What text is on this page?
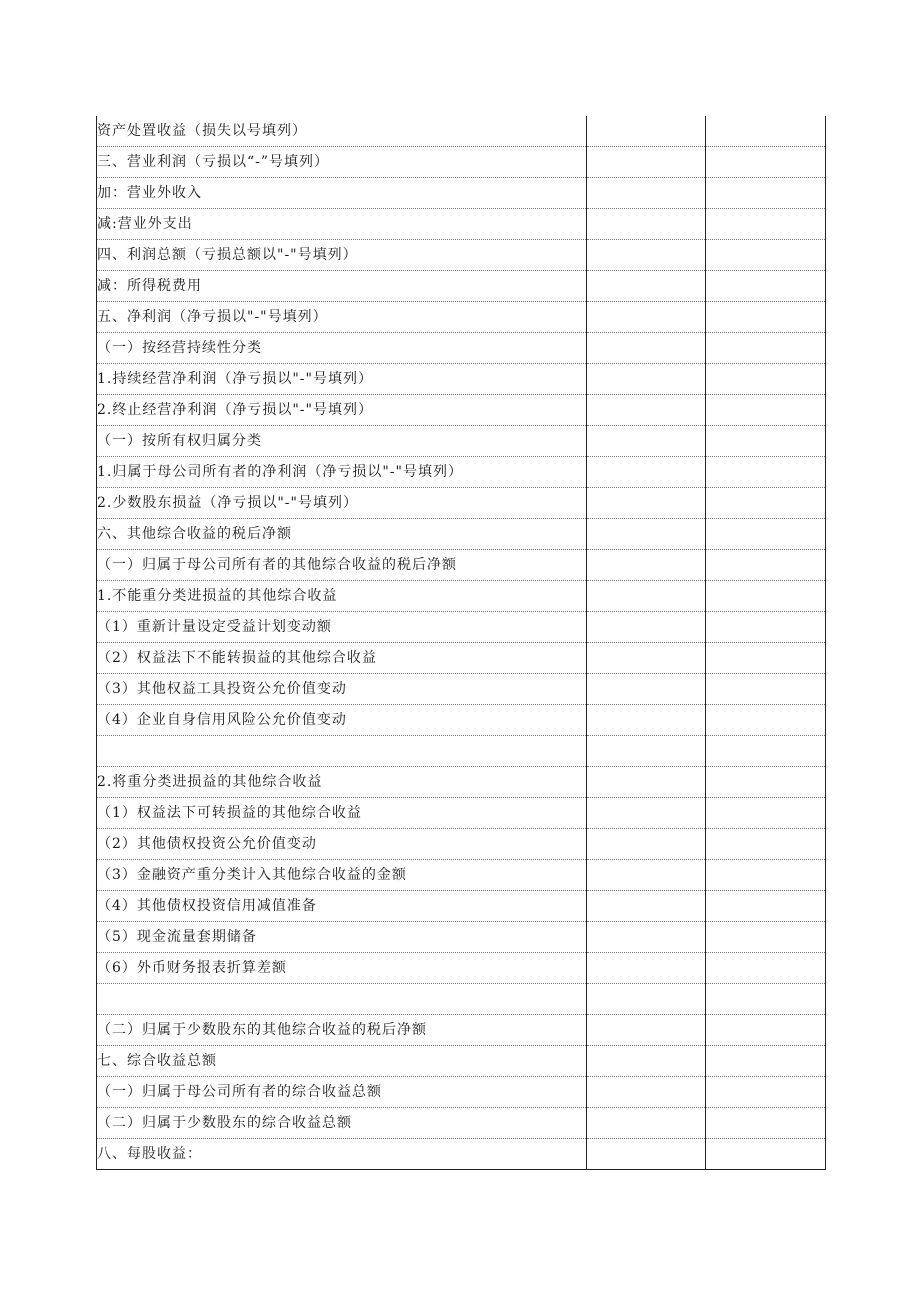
资产处置收益（损失以号填列）		
三、营业利润（亏损以“-”号填列）		
加：营业外收入		
减:营业外支出		
四、利润总额（亏损总额以"-"号填列）		
减：所得税费用		
五、净利润（净亏损以"-"号填列）		
（一）按经营持续性分类		
1.持续经营净利润（净亏损以"-"号填列）		
2.终止经营净利润（净亏损以"-"号填列）		
（一）按所有权归属分类		
1.归属于母公司所有者的净利润（净亏损以"-"号填列）		
2.少数股东损益（净亏损以"-"号填列）		
六、其他综合收益的税后净额		
（一）归属于母公司所有者的其他综合收益的税后净额		
1.不能重分类进损益的其他综合收益		
（1）重新计量设定受益计划变动额		
（2）权益法下不能转损益的其他综合收益		
（3）其他权益工具投资公允价值变动		
（4）企业自身信用风险公允价值变动		

2.将重分类进损益的其他综合收益		
（1）权益法下可转损益的其他综合收益		
（2）其他债权投资公允价值变动		
（3）金融资产重分类计入其他综合收益的金额		
（4）其他债权投资信用减值准备		
（5）现金流量套期储备		
（6）外币财务报表折算差额		

（二）归属于少数股东的其他综合收益的税后净额		
七、综合收益总额		
（一）归属于母公司所有者的综合收益总额		
（二）归属于少数股东的综合收益总额		
八、每股收益：		
